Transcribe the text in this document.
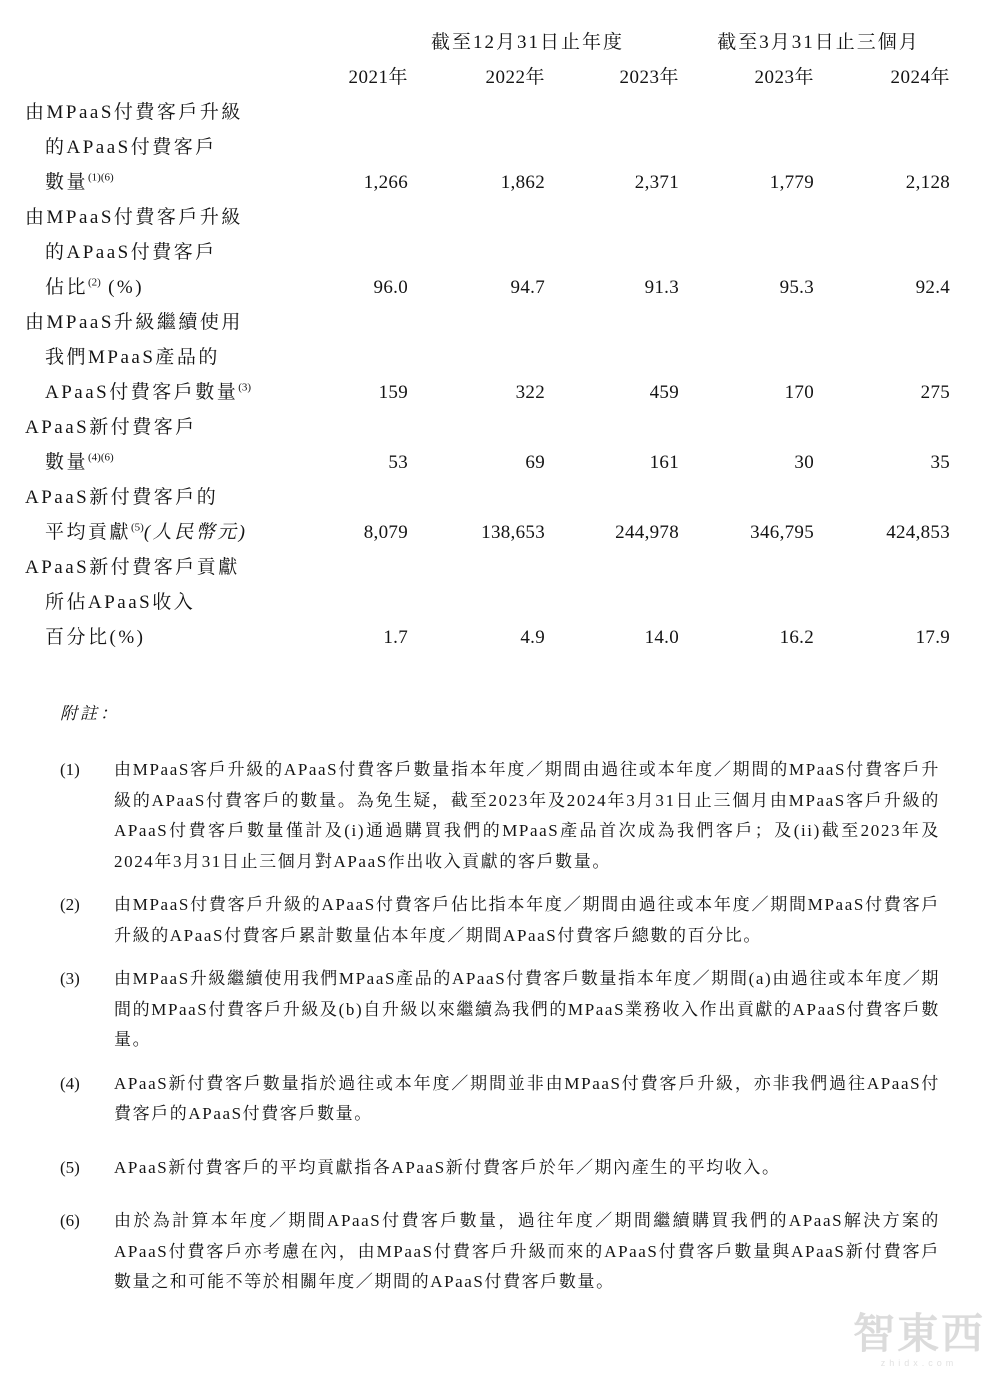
	截至12月31日止年度			截至3月31日止三個月	
	2021年	2022年	2023年	2023年	2024年

由MPaaS付費客戶升級
的APaaS付費客戶
數量$^{(1)(6)}$	1,266	1,862	2,371	1,779	2,128

由MPaaS付費客戶升級
的APaaS付費客戶
佔比$^{(2)}$ (%)	96.0	94.7	91.3	95.3	92.4

由MPaaS升級繼續使用
我們MPaaS產品的
APaaS付費客戶數量$^{(3)}$	159	322	459	170	275

APaaS新付費客戶
數量$^{(4)(6)}$	53	69	161	30	35

APaaS新付費客戶的
平均貢獻$^{(5)}$(人民幣元)	8,079	138,653	244,978	346,795	424,853

APaaS新付費客戶貢獻
所佔APaaS收入
百分比(%)	1.7	4.9	14.0	16.2	17.9
附註：
(1)	由MPaaS客戶升級的APaaS付費客戶數量指本年度／期間由過往或本年度／期間的MPaaS付費客戶升級的APaaS付費客戶的數量。為免生疑，截至2023年及2024年3月31日止三個月由MPaaS客戶升級的APaaS付費客戶數量僅計及(i)通過購買我們的MPaaS產品首次成為我們客戶；及(ii)截至2023年及2024年3月31日止三個月對APaaS作出收入貢獻的客戶數量。
(2)	由MPaaS付費客戶升級的APaaS付費客戶佔比指本年度／期間由過往或本年度／期間MPaaS付費客戶升級的APaaS付費客戶累計數量佔本年度／期間APaaS付費客戶總數的百分比。
(3)	由MPaaS升級繼續使用我們MPaaS產品的APaaS付費客戶數量指本年度／期間(a)由過往或本年度／期間的MPaaS付費客戶升級及(b)自升級以來繼續為我們的MPaaS業務收入作出貢獻的APaaS付費客戶數量。
(4)	APaaS新付費客戶數量指於過往或本年度／期間並非由MPaaS付費客戶升級，亦非我們過往APaaS付費客戶的APaaS付費客戶數量。
(5)	APaaS新付費客戶的平均貢獻指各APaaS新付費客戶於年／期內產生的平均收入。
(6)	由於為計算本年度／期間APaaS付費客戶數量，過往年度／期間繼續購買我們的APaaS解決方案的APaaS付費客戶亦考慮在內，由MPaaS付費客戶升級而來的APaaS付費客戶數量與APaaS新付費客戶數量之和可能不等於相關年度／期間的APaaS付費客戶數量。
智東西
zhidx.com
